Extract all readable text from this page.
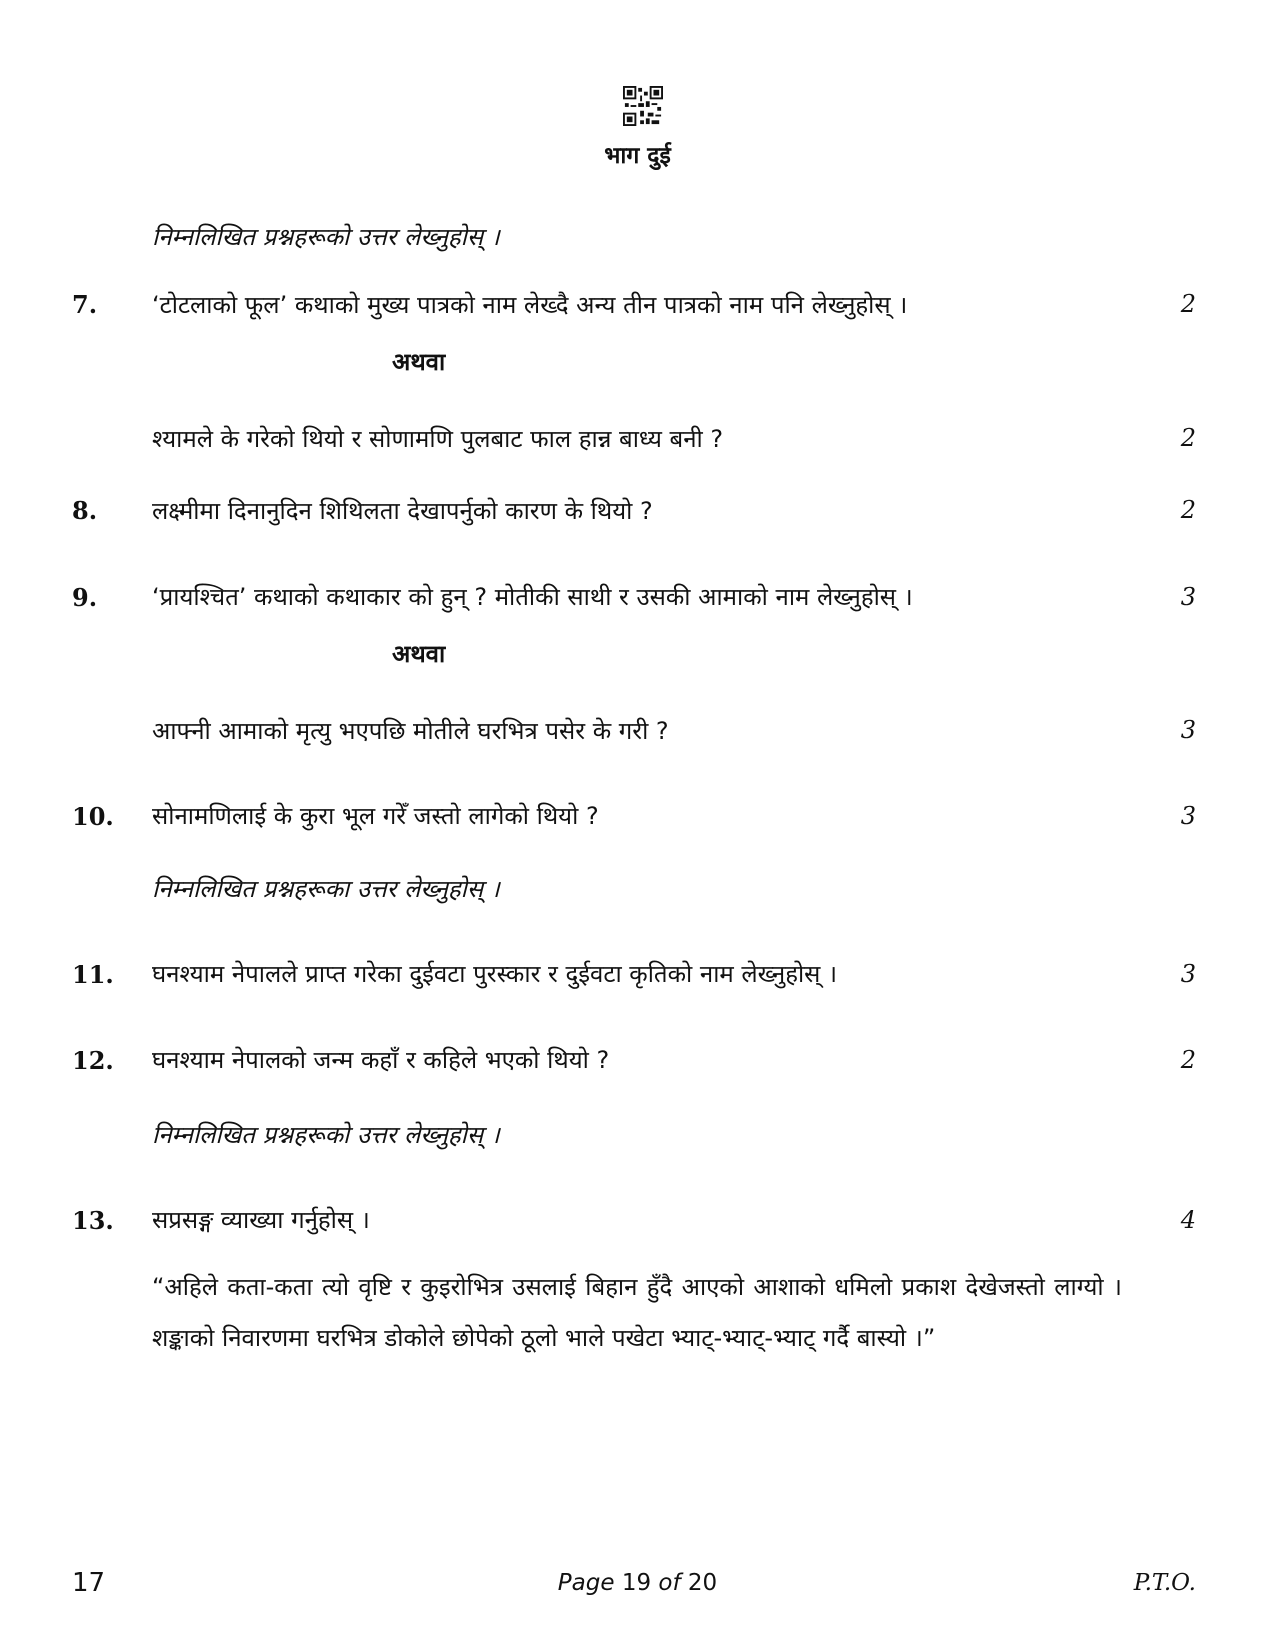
भाग दुई
निम्नलिखित प्रश्नहरूको उत्तर लेख्नुहोस् ।
7. ‘टोटलाको फूल’ कथाको मुख्य पात्रको नाम लेख्दै अन्य तीन पात्रको नाम पनि लेख्नुहोस् ।	2
अथवा
श्यामले के गरेको थियो र सोणामणि पुलबाट फाल हान्न बाध्य बनी ?	2
8. लक्ष्मीमा दिनानुदिन शिथिलता देखापर्नुको कारण के थियो ?	2
9. ‘प्रायश्चित’ कथाको कथाकार को हुन् ? मोतीकी साथी र उसकी आमाको नाम लेख्नुहोस् ।	3
अथवा
आफ्नी आमाको मृत्यु भएपछि मोतीले घरभित्र पसेर के गरी ?	3
10. सोनामणिलाई के कुरा भूल गरेँ जस्तो लागेको थियो ?	3
निम्नलिखित प्रश्नहरूका उत्तर लेख्नुहोस् ।
11. घनश्याम नेपालले प्राप्त गरेका दुईवटा पुरस्कार र दुईवटा कृतिको नाम लेख्नुहोस् ।	3
12. घनश्याम नेपालको जन्म कहाँ र कहिले भएको थियो ?	2
निम्नलिखित प्रश्नहरूको उत्तर लेख्नुहोस् ।
13. सप्रसङ्ग व्याख्या गर्नुहोस् ।	4
“अहिले कता-कता त्यो वृष्टि र कुइरोभित्र उसलाई बिहान हुँदै आएको आशाको धमिलो प्रकाश देखेजस्तो लाग्यो । शङ्काको निवारणमा घरभित्र डोकोले छोपेको ठूलो भाले पखेटा भ्याट्-भ्याट्-भ्याट् गर्दै बास्यो ।”
17	Page 19 of 20	P.T.O.
